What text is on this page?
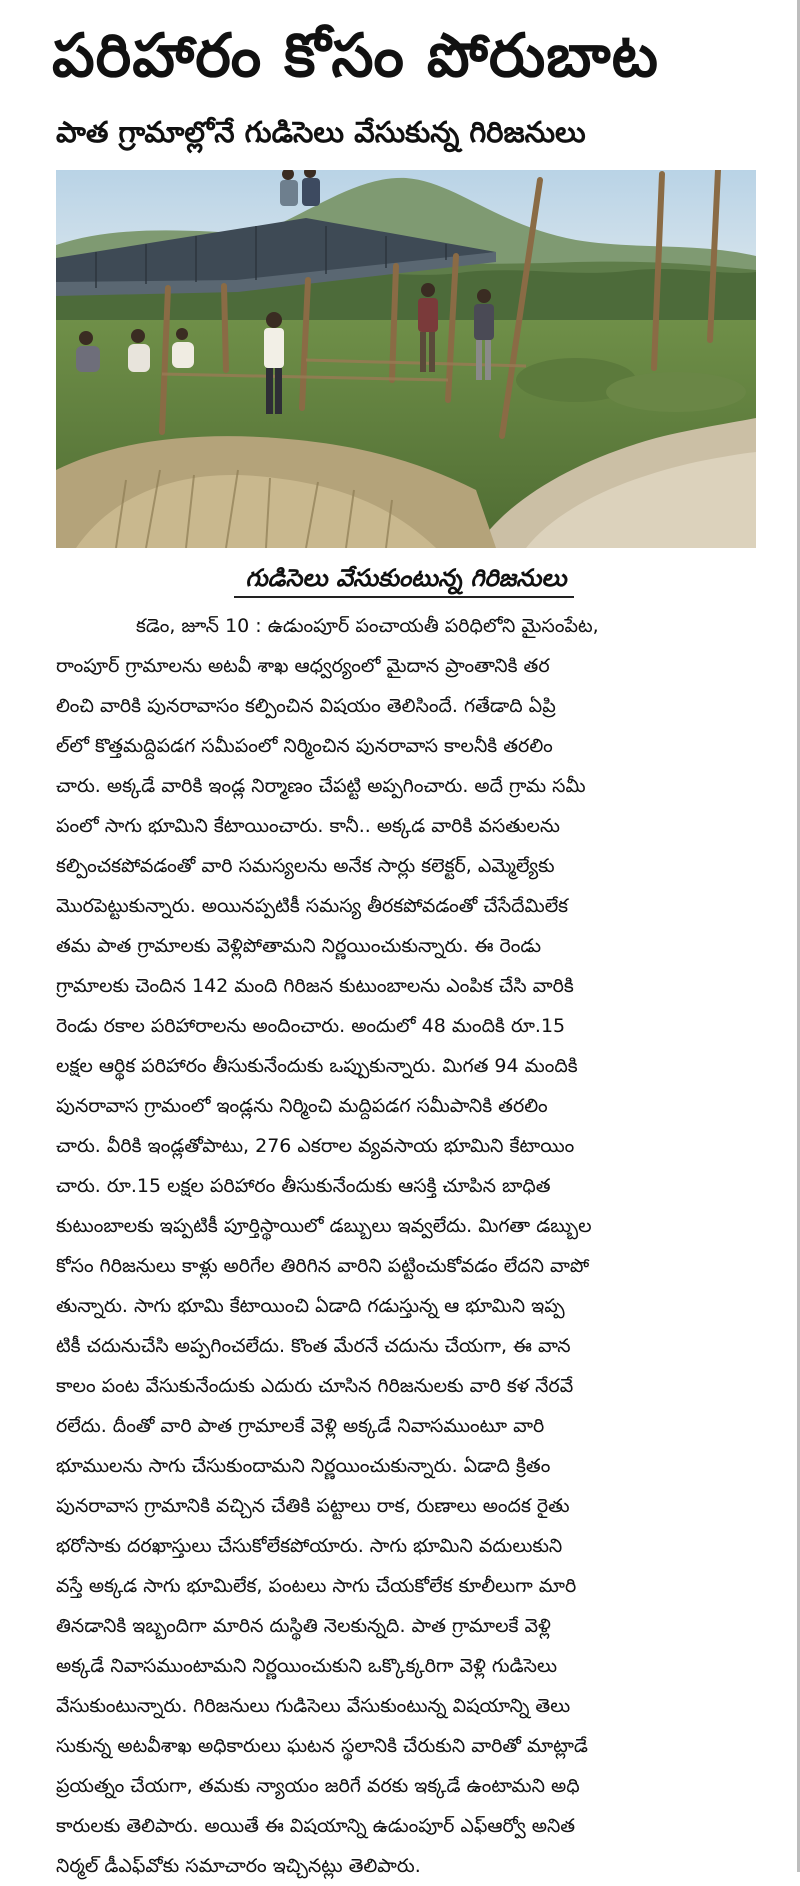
పరిహారం కోసం పోరుబాట
పాత గ్రామాల్లోనే గుడిసెలు వేసుకున్న గిరిజనులు
గుడిసెలు వేసుకుంటున్న గిరిజనులు
కడెం, జూన్ 10 : ఉడుంపూర్ పంచాయతీ పరిధిలోని మైసంపేట,
రాంపూర్ గ్రామాలను అటవీ శాఖ ఆధ్వర్యంలో మైదాన ప్రాంతానికి తర
లించి వారికి పునరావాసం కల్పించిన విషయం తెలిసిందే. గతేడాది ఏప్రి
ల్‌లో కొత్తమద్దిపడగ సమీపంలో నిర్మించిన పునరావాస కాలనీకి తరలిం
చారు. అక్కడే వారికి ఇండ్ల నిర్మాణం చేపట్టి అప్పగించారు. అదే గ్రామ సమీ
పంలో సాగు భూమిని కేటాయించారు. కానీ.. అక్కడ వారికి వసతులను
కల్పించకపోవడంతో వారి సమస్యలను అనేక సార్లు కలెక్టర్, ఎమ్మెల్యేకు
మొరపెట్టుకున్నారు. అయినప్పటికీ సమస్య తీరకపోవడంతో చేసేదేమిలేక
తమ పాత గ్రామాలకు వెళ్లిపోతామని నిర్ణయించుకున్నారు. ఈ రెండు
గ్రామాలకు చెందిన 142 మంది గిరిజన కుటుంబాలను ఎంపిక చేసి వారికి
రెండు రకాల పరిహారాలను అందించారు. అందులో 48 మందికి రూ.15
లక్షల ఆర్థిక పరిహారం తీసుకునేందుకు ఒప్పుకున్నారు. మిగత 94 మందికి
పునరావాస గ్రామంలో ఇండ్లను నిర్మించి మద్దిపడగ సమీపానికి తరలిం
చారు. వీరికి ఇండ్లతోపాటు, 276 ఎకరాల వ్యవసాయ భూమిని కేటాయిం
చారు. రూ.15 లక్షల పరిహారం తీసుకునేందుకు ఆసక్తి చూపిన బాధిత
కుటుంబాలకు ఇప్పటికీ పూర్తిస్థాయిలో డబ్బులు ఇవ్వలేదు. మిగతా డబ్బుల
కోసం గిరిజనులు కాళ్లు అరిగేల తిరిగిన వారిని పట్టించుకోవడం లేదని వాపో
తున్నారు. సాగు భూమి కేటాయించి ఏడాది గడుస్తున్న ఆ భూమిని ఇప్ప
టికీ చదునుచేసి అప్పగించలేదు. కొంత మేరనే చదును చేయగా, ఈ వాన
కాలం పంట వేసుకునేందుకు ఎదురు చూసిన గిరిజనులకు వారి కళ నేరవే
రలేదు. దీంతో వారి పాత గ్రామాలకే వెళ్లి అక్కడే నివాసముంటూ వారి
భూములను సాగు చేసుకుందామని నిర్ణయించుకున్నారు. ఏడాది క్రితం
పునరావాస గ్రామానికి వచ్చిన చేతికి పట్టాలు రాక, రుణాలు అందక రైతు
భరోసాకు దరఖాస్తులు చేసుకోలేకపోయారు. సాగు భూమిని వదులుకుని
వస్తే అక్కడ సాగు భూమిలేక, పంటలు సాగు చేయకోలేక కూలీలుగా మారి
తినడానికి ఇబ్బందిగా మారిన దుస్థితి నెలకున్నది. పాత గ్రామాలకే వెళ్లి
అక్కడే నివాసముంటామని నిర్ణయించుకుని ఒక్కొక్కరిగా వెళ్లి గుడిసెలు
వేసుకుంటున్నారు. గిరిజనులు గుడిసెలు వేసుకుంటున్న విషయాన్ని తెలు
సుకున్న అటవీశాఖ అధికారులు ఘటన స్థలానికి చేరుకుని వారితో మాట్లాడే
ప్రయత్నం చేయగా, తమకు న్యాయం జరిగే వరకు ఇక్కడే ఉంటామని అధి
కారులకు తెలిపారు. అయితే ఈ విషయాన్ని ఉడుంపూర్ ఎఫ్‌ఆర్వో అనిత
నిర్మల్ డీఎఫ్‌వోకు సమాచారం ఇచ్చినట్లు తెలిపారు.
